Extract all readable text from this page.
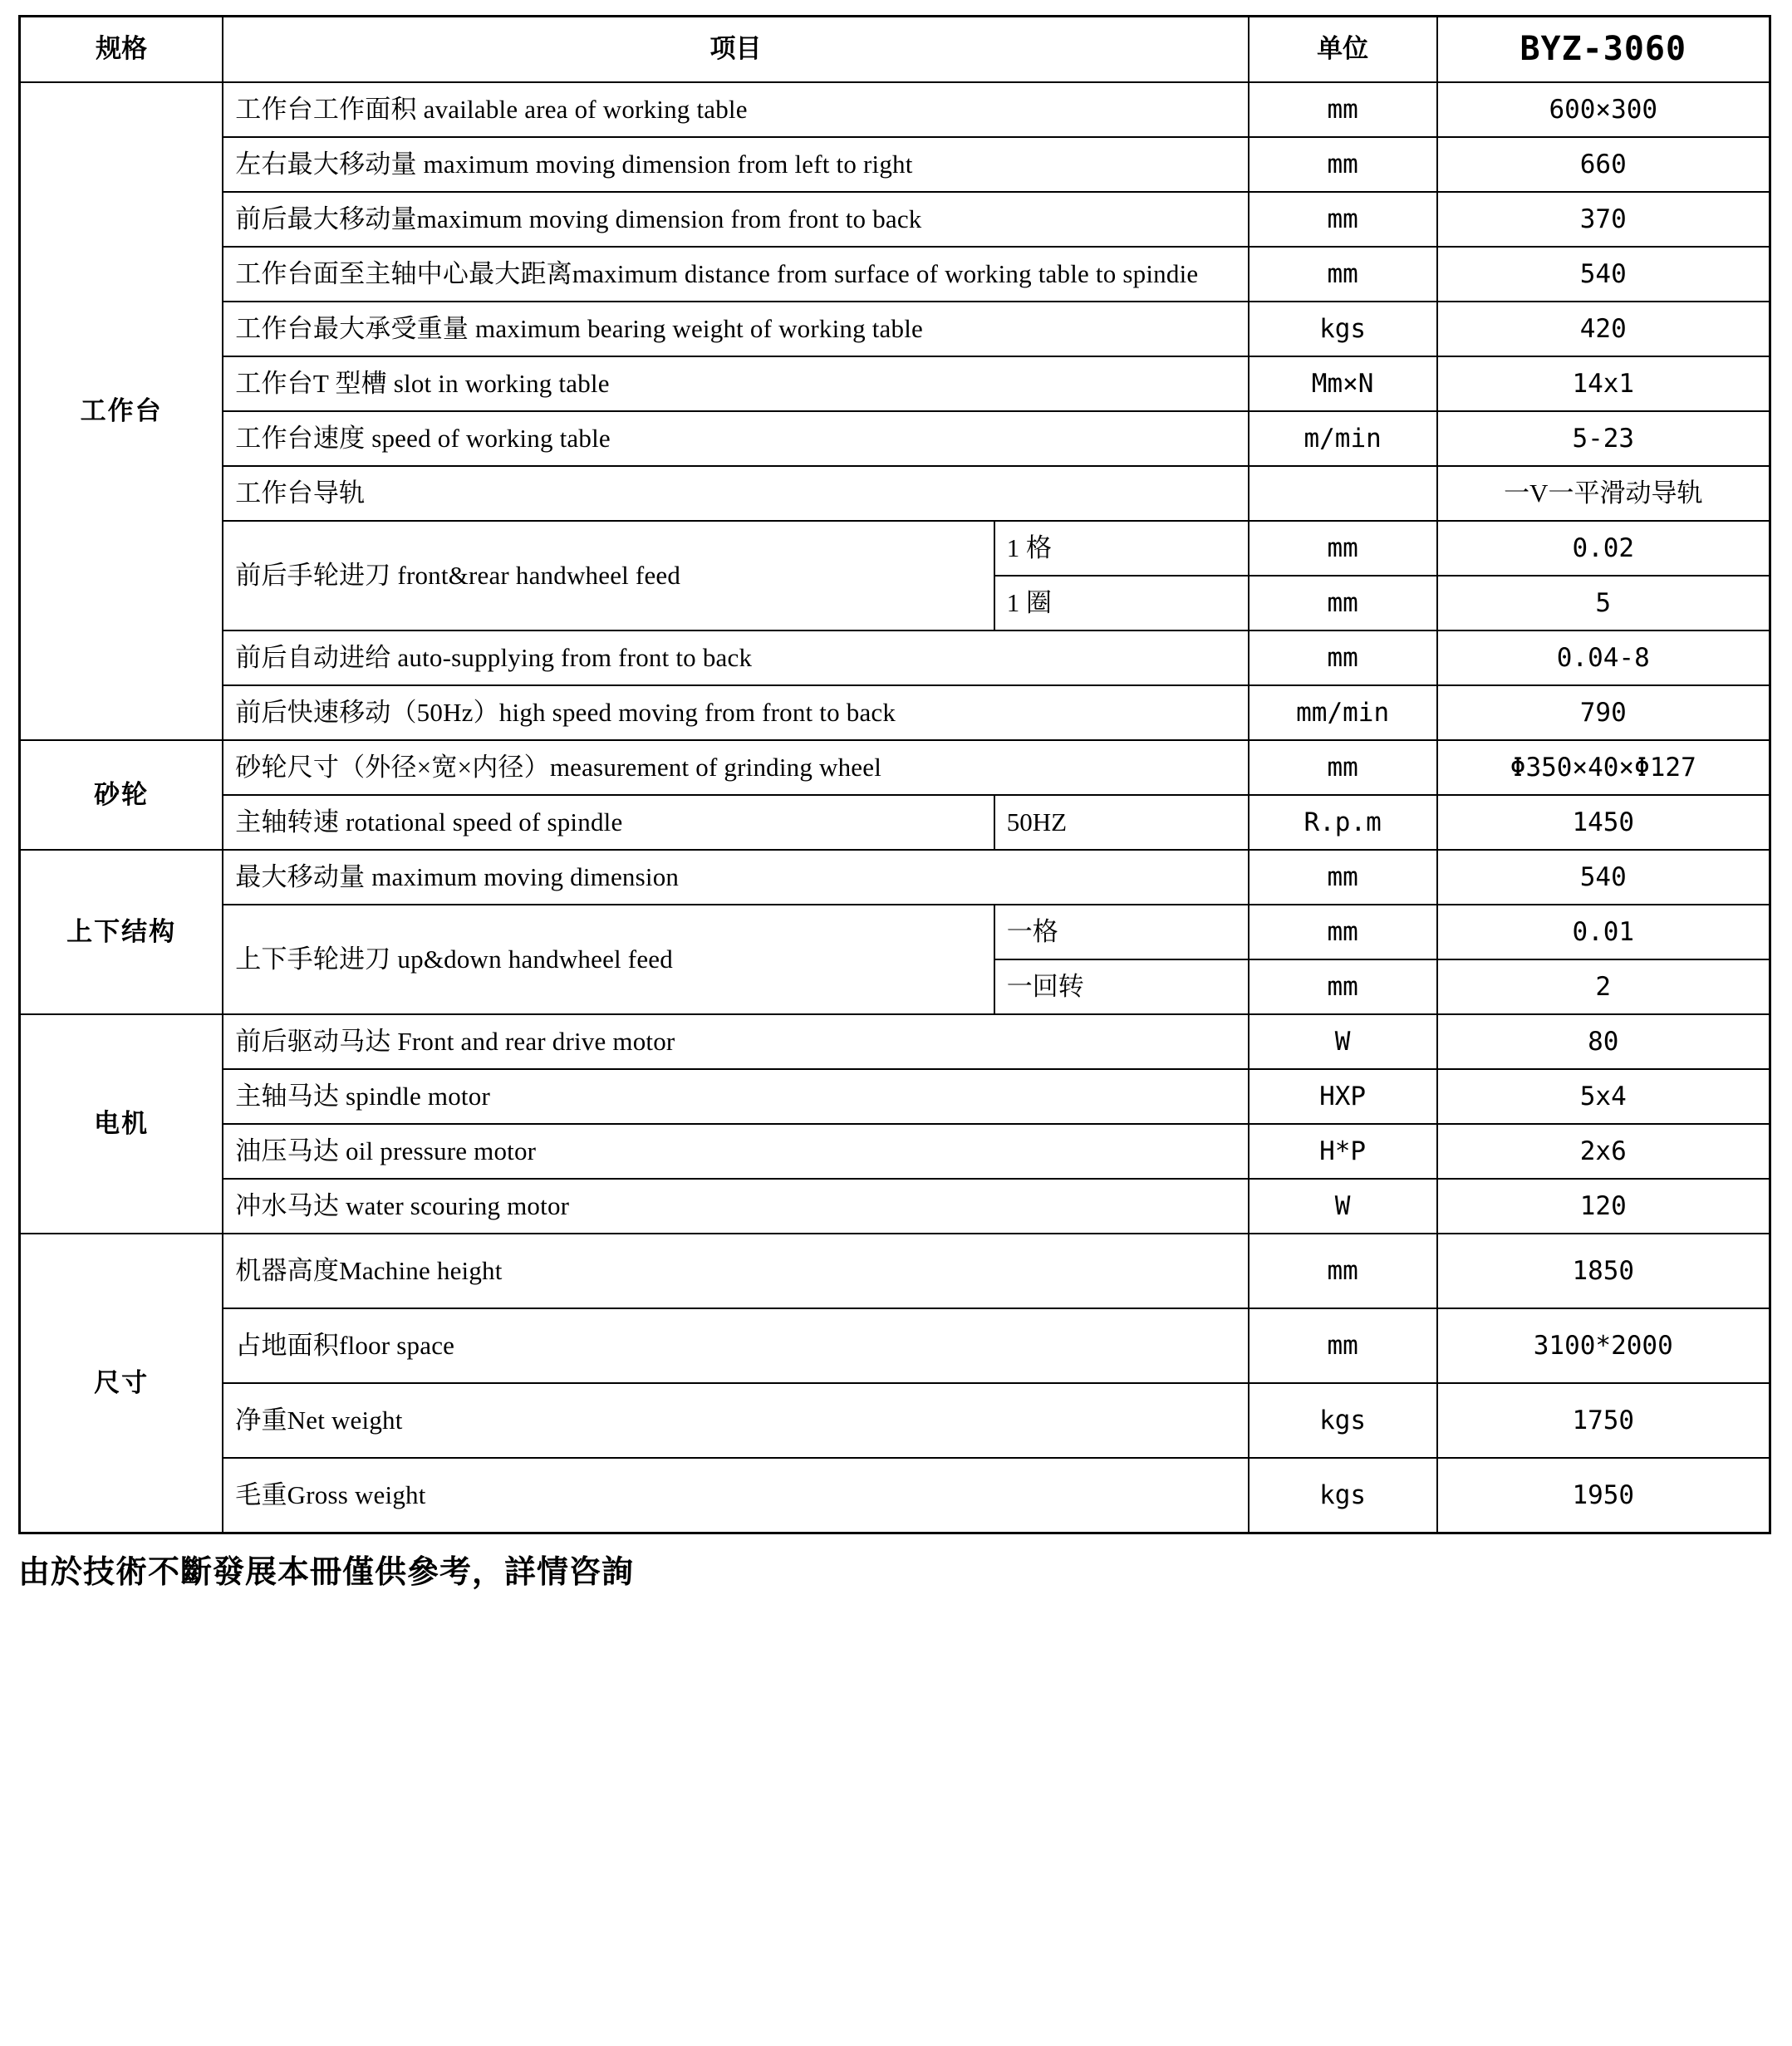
规格	项目		单位	BYZ-3060
工作台	工作台工作面积 available area of working table		mm	600×300
	左右最大移动量 maximum moving dimension from left to right		mm	660
	前后最大移动量maximum moving dimension from front to back		mm	370
	工作台面至主轴中心最大距离maximum distance from surface of working table to spindie		mm	540
	工作台最大承受重量 maximum bearing weight of working table		kgs	420
	工作台T 型槽 slot in working table		Mm×N	14x1
	工作台速度 speed of working table		m/min	5-23
	工作台导轨			一V一平滑动导轨
	前后手轮进刀 front&rear handwheel feed	1 格	mm	0.02
		1 圈	mm	5
	前后自动进给 auto-supplying from front to back		mm	0.04-8
	前后快速移动（50Hz）high speed moving from front to back		mm/min	790
砂轮	砂轮尺寸（外径×宽×内径）measurement of grinding wheel		mm	Φ350×40×Φ127
	主轴转速 rotational speed of spindle	50HZ	R.p.m	1450
上下结构	最大移动量 maximum moving dimension		mm	540
	上下手轮进刀 up&down handwheel feed	一格	mm	0.01
		一回转	mm	2
电机	前后驱动马达 Front and rear drive motor		W	80
	主轴马达 spindle motor		HXP	5x4
	油压马达 oil pressure motor		H*P	2x6
	冲水马达 water scouring motor		W	120
尺寸	机器高度Machine height		mm	1850
	占地面积floor space		mm	3100*2000
	净重Net weight		kgs	1750
	毛重Gross weight		kgs	1950
由於技術不斷發展本冊僅供參考，詳情咨詢
